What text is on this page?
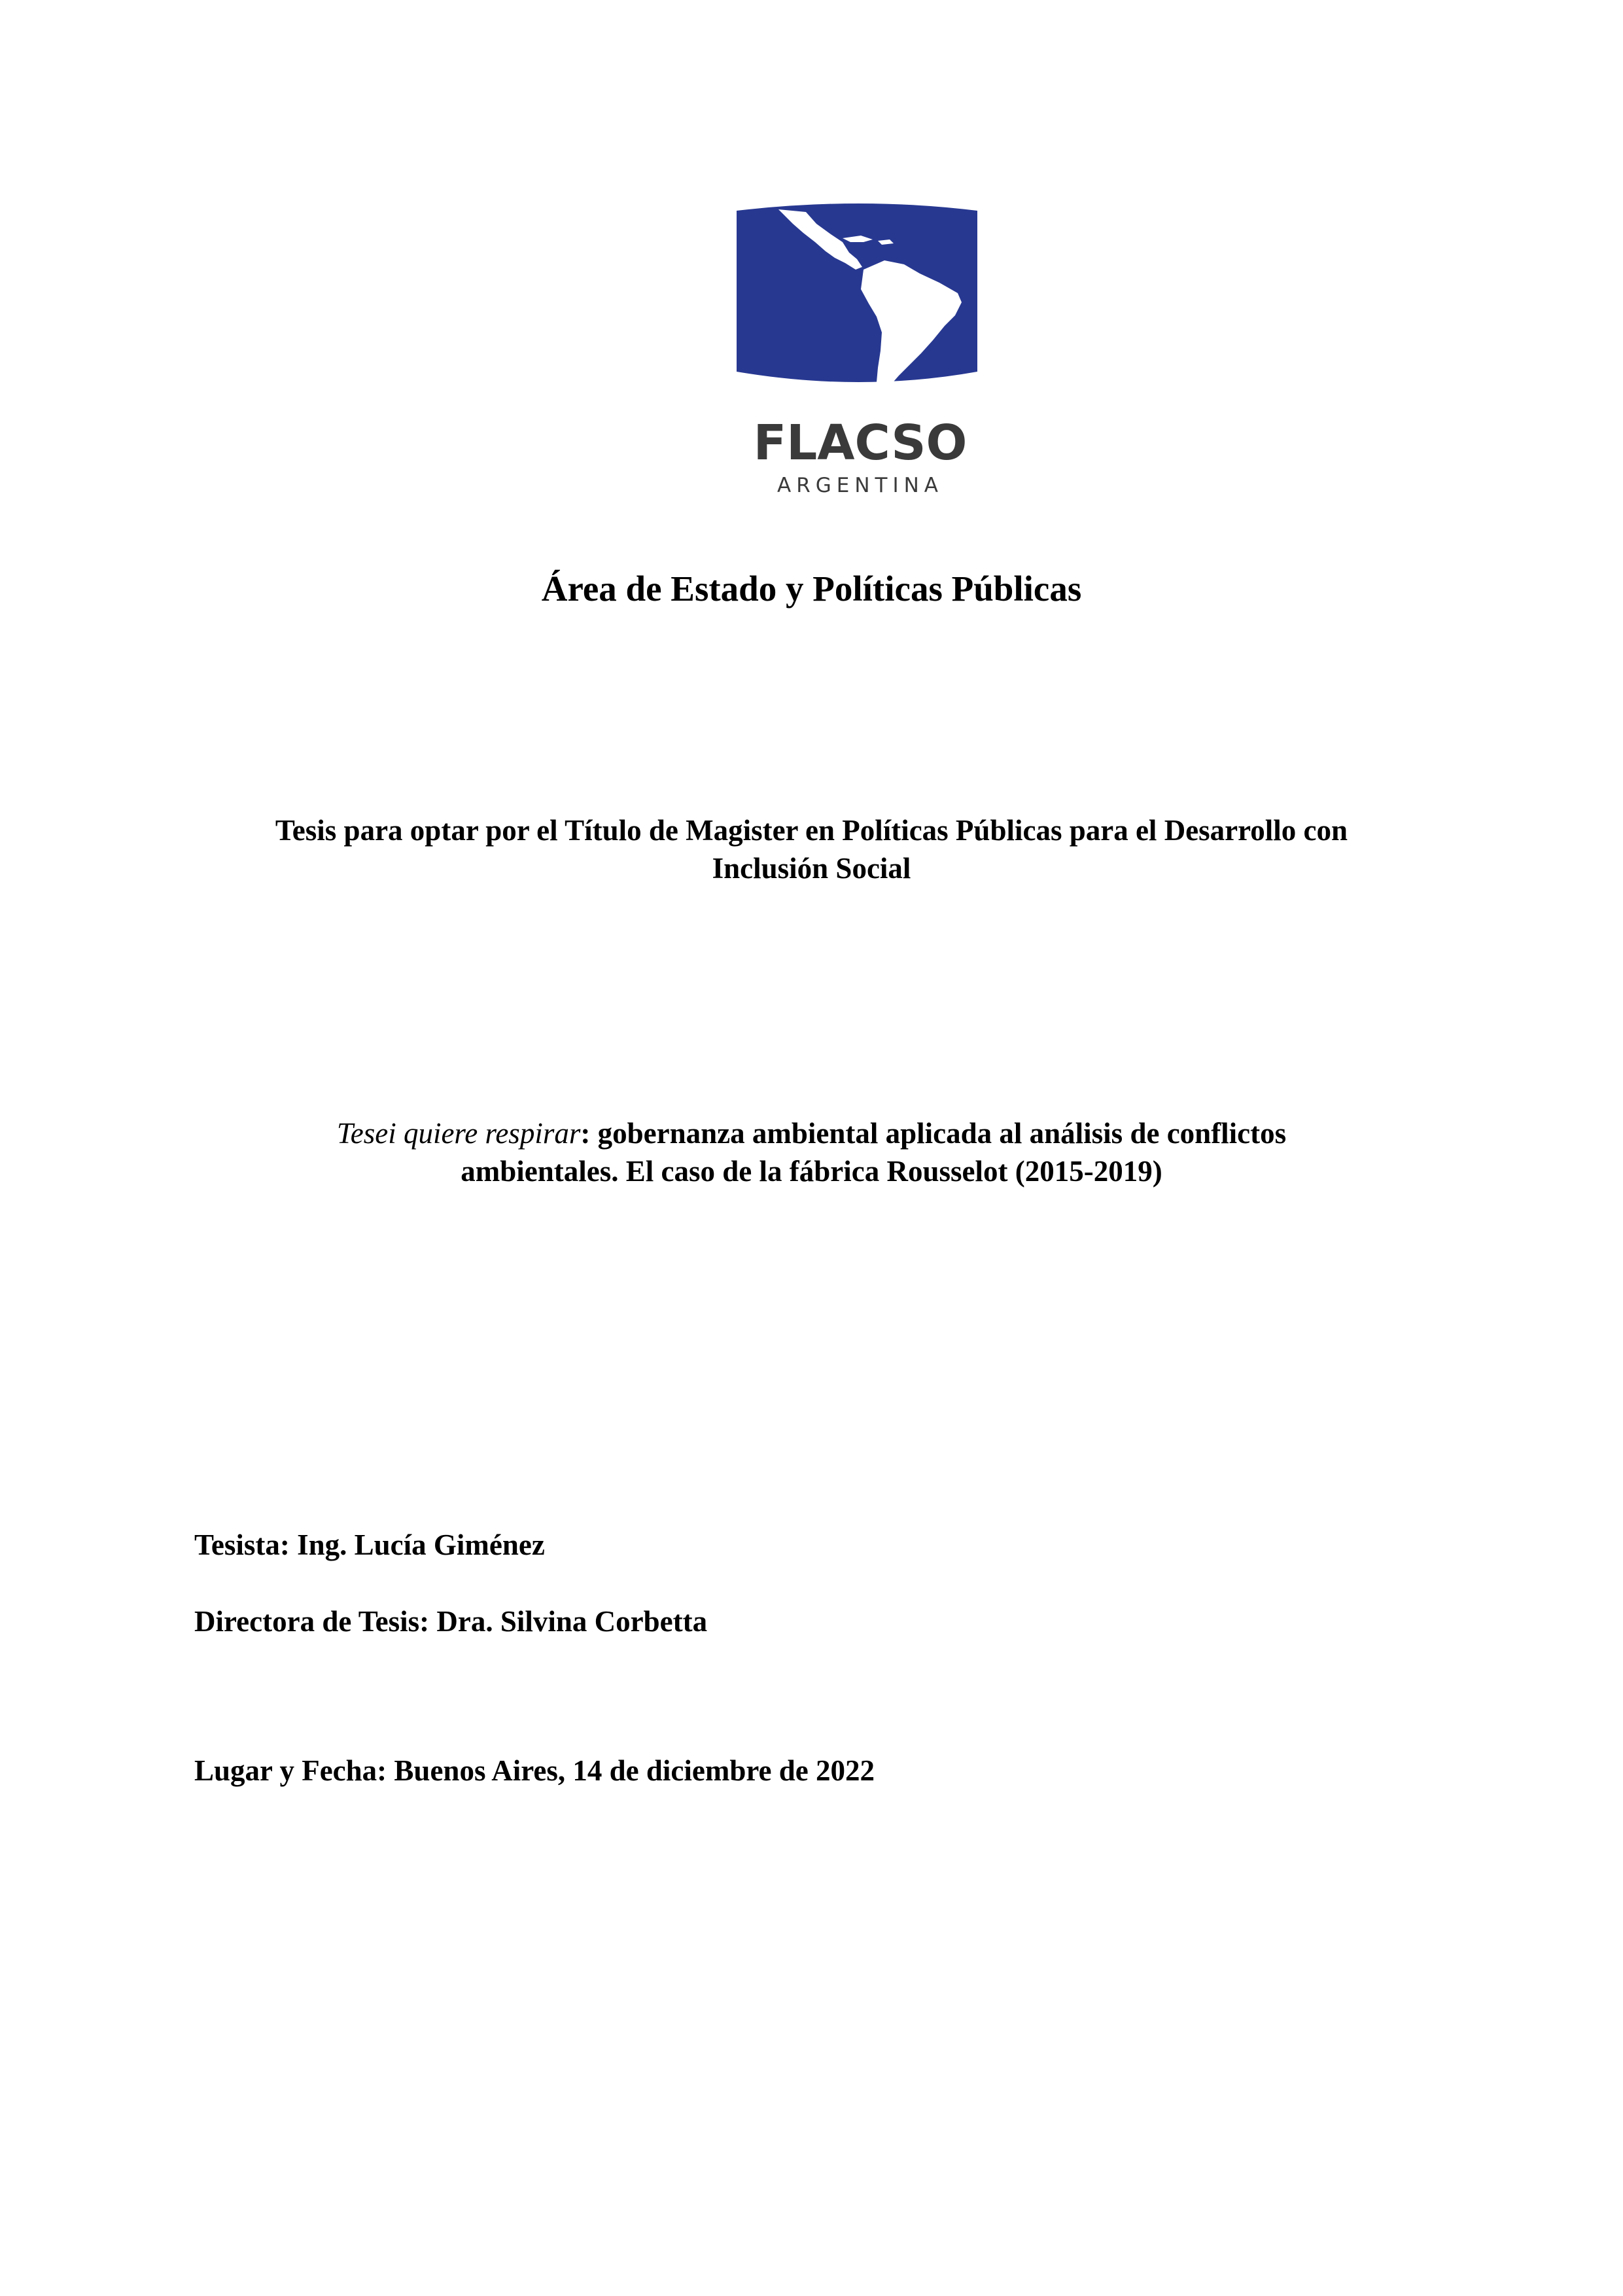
FLACSO
ARGENTINA
Área de Estado y Políticas Públicas
Tesis para optar por el Título de Magister en Políticas Públicas para el Desarrollo con
Inclusión Social
Tesei quiere respirar: gobernanza ambiental aplicada al análisis de conflictos
ambientales. El caso de la fábrica Rousselot (2015-2019)
Tesista: Ing. Lucía Giménez
Directora de Tesis: Dra. Silvina Corbetta
Lugar y Fecha: Buenos Aires, 14 de diciembre de 2022
